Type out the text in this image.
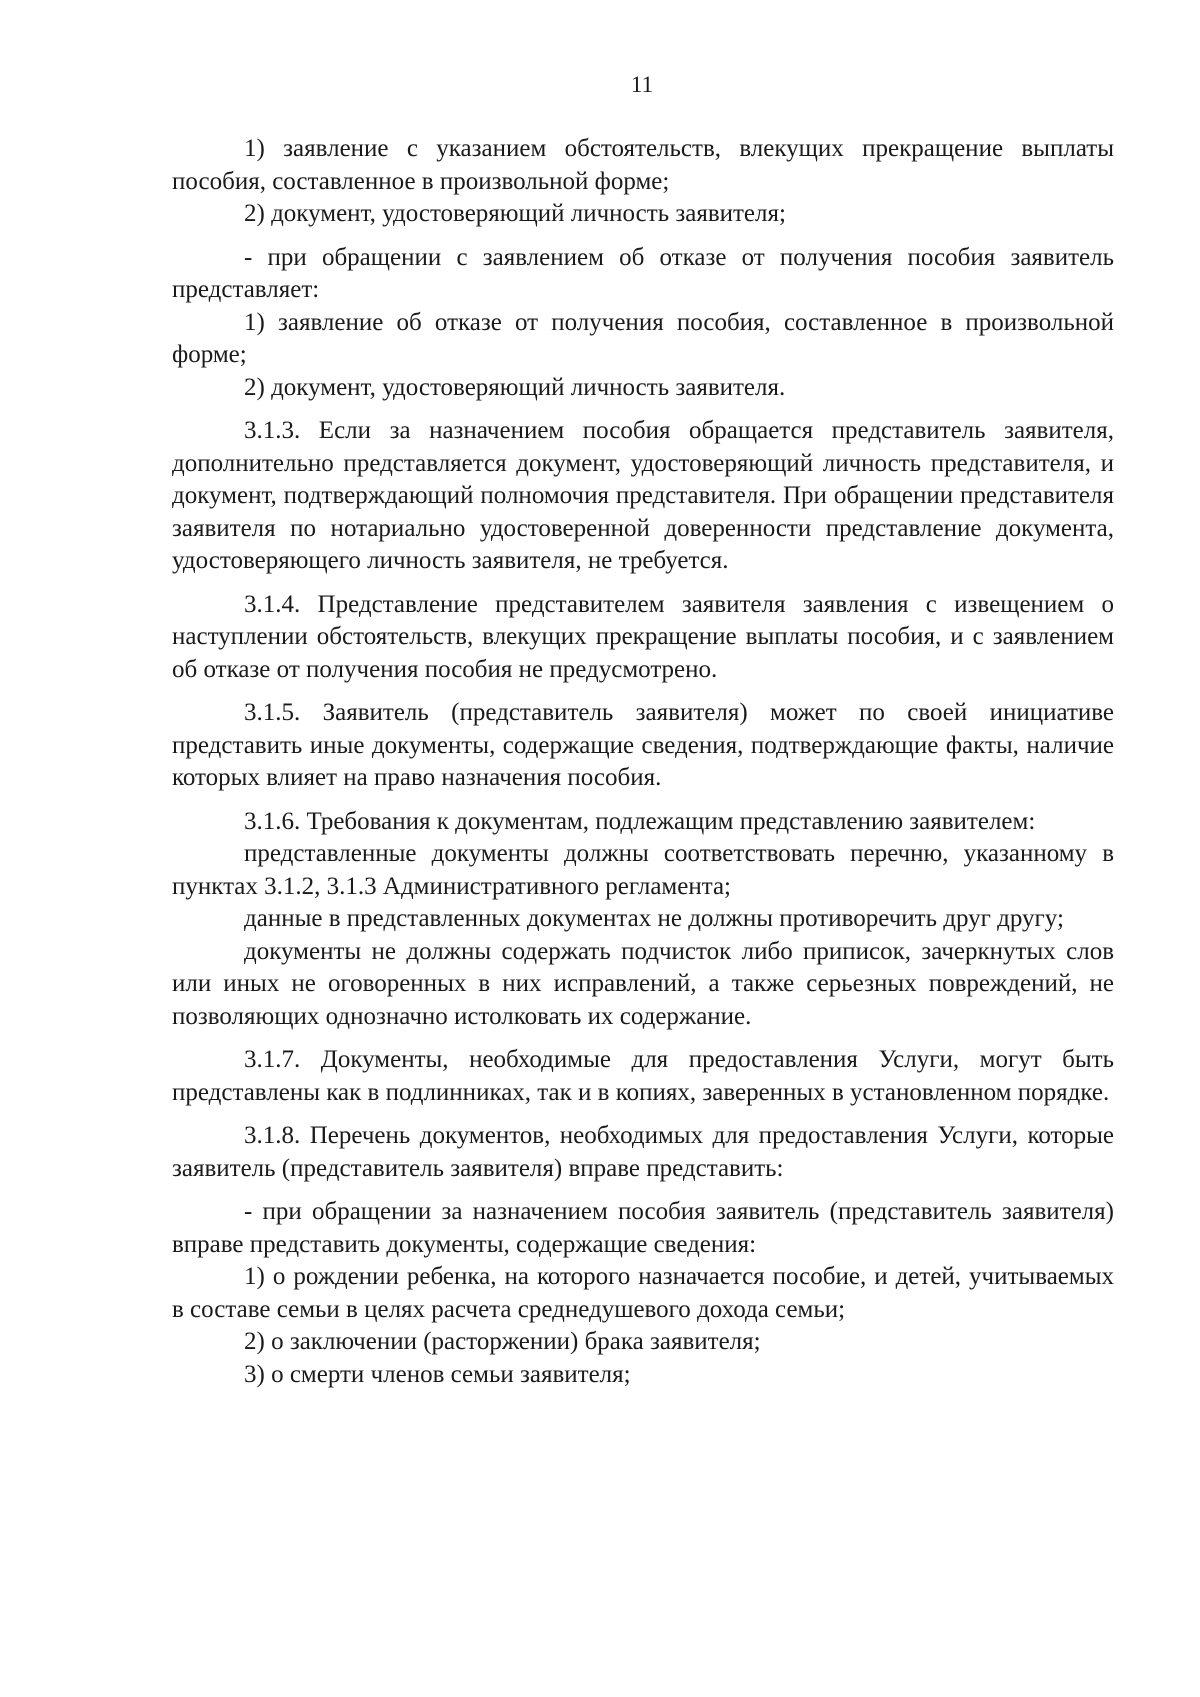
11

1) заявление с указанием обстоятельств, влекущих прекращение выплаты пособия, составленное в произвольной форме;

2) документ, удостоверяющий личность заявителя;

- при обращении с заявлением об отказе от получения пособия заявитель представляет:

1) заявление об отказе от получения пособия, составленное в произвольной форме;

2) документ, удостоверяющий личность заявителя.

3.1.3. Если за назначением пособия обращается представитель заявителя, дополнительно представляется документ, удостоверяющий личность представителя, и документ, подтверждающий полномочия представителя. При обращении представителя заявителя по нотариально удостоверенной доверенности представление документа, удостоверяющего личность заявителя, не требуется.

3.1.4. Представление представителем заявителя заявления с извещением о наступлении обстоятельств, влекущих прекращение выплаты пособия, и с заявлением об отказе от получения пособия не предусмотрено.

3.1.5. Заявитель (представитель заявителя) может по своей инициативе представить иные документы, содержащие сведения, подтверждающие факты, наличие которых влияет на право назначения пособия.

3.1.6. Требования к документам, подлежащим представлению заявителем:

представленные документы должны соответствовать перечню, указанному в пунктах 3.1.2, 3.1.3 Административного регламента;

данные в представленных документах не должны противоречить друг другу;

документы не должны содержать подчисток либо приписок, зачеркнутых слов или иных не оговоренных в них исправлений, а также серьезных повреждений, не позволяющих однозначно истолковать их содержание.

3.1.7. Документы, необходимые для предоставления Услуги, могут быть представлены как в подлинниках, так и в копиях, заверенных в установленном порядке.

3.1.8. Перечень документов, необходимых для предоставления Услуги, которые заявитель (представитель заявителя) вправе представить:

- при обращении за назначением пособия заявитель (представитель заявителя) вправе представить документы, содержащие сведения:

1) о рождении ребенка, на которого назначается пособие, и детей, учитываемых в составе семьи в целях расчета среднедушевого дохода семьи;

2) о заключении (расторжении) брака заявителя;

3) о смерти членов семьи заявителя;
